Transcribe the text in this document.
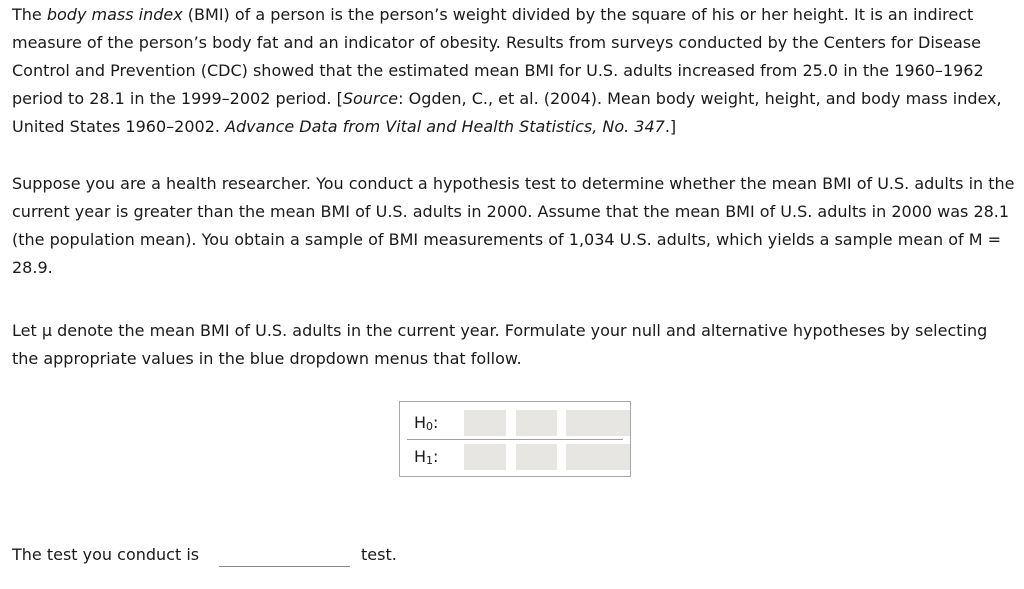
The body mass index (BMI) of a person is the person’s weight divided by the square of his or her height. It is an indirect measure of the person’s body fat and an indicator of obesity. Results from surveys conducted by the Centers for Disease Control and Prevention (CDC) showed that the estimated mean BMI for U.S. adults increased from 25.0 in the 1960–1962 period to 28.1 in the 1999–2002 period. [Source: Ogden, C., et al. (2004). Mean body weight, height, and body mass index, United States 1960–2002. Advance Data from Vital and Health Statistics, No. 347.]

Suppose you are a health researcher. You conduct a hypothesis test to determine whether the mean BMI of U.S. adults in the current year is greater than the mean BMI of U.S. adults in 2000. Assume that the mean BMI of U.S. adults in 2000 was 28.1 (the population mean). You obtain a sample of BMI measurements of 1,034 U.S. adults, which yields a sample mean of M = 28.9.

Let μ denote the mean BMI of U.S. adults in the current year. Formulate your null and alternative hypotheses by selecting the appropriate values in the blue dropdown menus that follow.

$H_0$:
$H_1$:
The test you conduct is	test.
